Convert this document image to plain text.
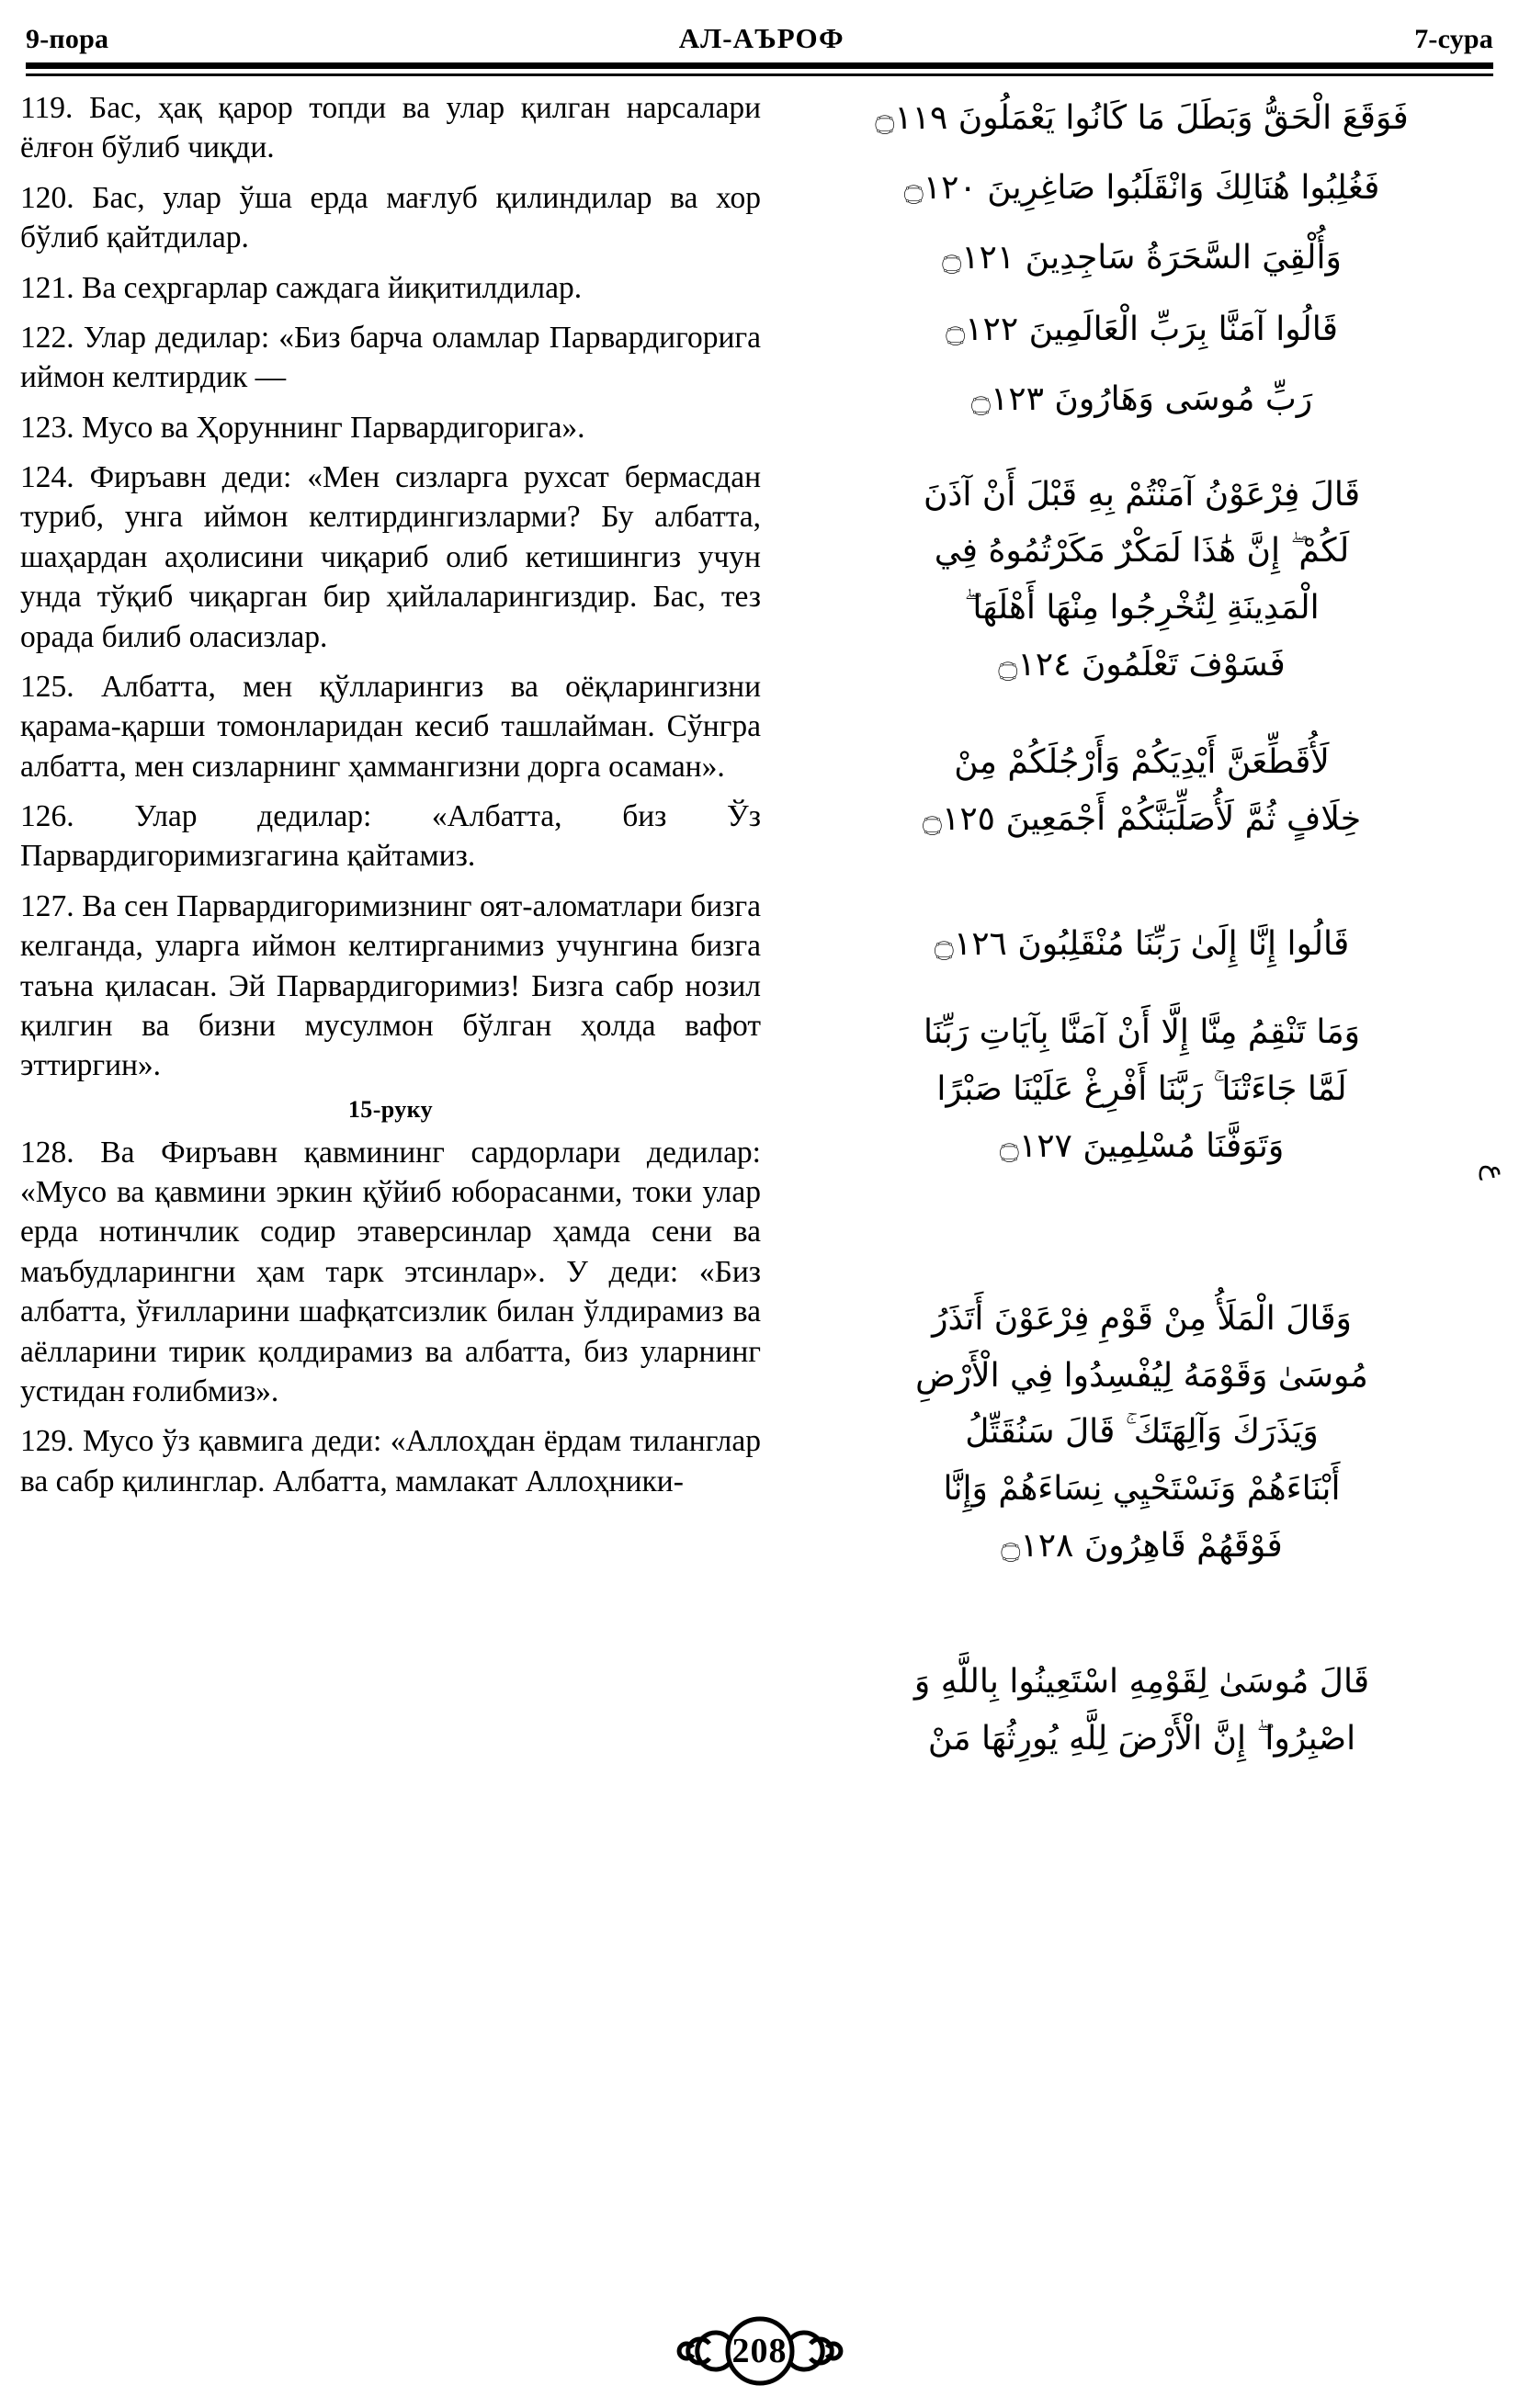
9-пора	АЛ-АЪРОФ	7-сура

119. Бас, ҳақ қарор топди ва улар қилган нарсалари ёлғон бўлиб чиқди.

120. Бас, улар ўша ерда мағлуб қилиндилар ва хор бўлиб қайтдилар.

121. Ва сеҳргарлар саждага йиқитилдилар.

122. Улар дедилар: «Биз барча оламлар Парвардигорига иймон келтирдик —

123. Мусо ва Ҳоруннинг Парвардигорига».

124. Фиръавн деди: «Мен сизларга рухсат бермасдан туриб, унга иймон келтирдингизларми? Бу албатта, шаҳардан аҳолисини чиқариб олиб кетишингиз учун унда тўқиб чиқарган бир ҳийлаларингиздир. Бас, тез орада билиб оласизлар.

125. Албатта, мен қўлларингиз ва оёқларингизни қарама-қарши томонларидан кесиб ташлайман. Сўнгра албатта, мен сизларнинг ҳаммангизни дорга осаман».

126. Улар дедилар: «Албатта, биз Ўз Парвардигоримизгагина қайтамиз.

127. Ва сен Парвардигоримизнинг оят-аломатлари бизга келганда, уларга иймон келтирганимиз учунгина бизга таъна қиласан. Эй Парвардигоримиз! Бизга сабр нозил қилгин ва бизни мусулмон бўлган ҳолда вафот эттиргин».

15-руку

128. Ва Фиръавн қавмининг сардорлари дедилар: «Мусо ва қавмини эркин қўйиб юборасанми, токи улар ерда нотинчлик содир этаверсинлар ҳамда сени ва маъбудларингни ҳам тарк этсинлар». У деди: «Биз албатта, ўғилларини шафқатсизлик билан ўлдирамиз ва аёлларини тирик қолдирамиз ва албатта, биз уларнинг устидан ғолибмиз».

129. Мусо ўз қавмига деди: «Аллоҳдан ёрдам тиланглар ва сабр қилинглар. Албатта, мамлакат Аллоҳники-

فَوَقَعَ الْحَقُّ وَبَطَلَ مَا كَانُوا يَعْمَلُونَ ۝١١٩
فَغُلِبُوا هُنَالِكَ وَانْقَلَبُوا صَاغِرِينَ ۝١٢٠
وَأُلْقِيَ السَّحَرَةُ سَاجِدِينَ ۝١٢١
قَالُوا آمَنَّا بِرَبِّ الْعَالَمِينَ ۝١٢٢
رَبِّ مُوسَى وَهَارُونَ ۝١٢٣
قَالَ فِرْعَوْنُ آمَنْتُمْ بِهِ قَبْلَ أَنْ آذَنَ
لَكُمْ ۖ إِنَّ هَٰذَا لَمَكْرٌ مَكَرْتُمُوهُ فِي
الْمَدِينَةِ لِتُخْرِجُوا مِنْهَا أَهْلَهَا ۖ
فَسَوْفَ تَعْلَمُونَ ۝١٢٤
لَأُقَطِّعَنَّ أَيْدِيَكُمْ وَأَرْجُلَكُمْ مِنْ
خِلَافٍ ثُمَّ لَأُصَلِّبَنَّكُمْ أَجْمَعِينَ ۝١٢٥
قَالُوا إِنَّا إِلَىٰ رَبِّنَا مُنْقَلِبُونَ ۝١٢٦
وَمَا تَنْقِمُ مِنَّا إِلَّا أَنْ آمَنَّا بِآيَاتِ رَبِّنَا
لَمَّا جَاءَتْنَا ۚ رَبَّنَا أَفْرِغْ عَلَيْنَا صَبْرًا
وَتَوَفَّنَا مُسْلِمِينَ ۝١٢٧
ع
وَقَالَ الْمَلَأُ مِنْ قَوْمِ فِرْعَوْنَ أَتَذَرُ
مُوسَىٰ وَقَوْمَهُ لِيُفْسِدُوا فِي الْأَرْضِ
وَيَذَرَكَ وَآلِهَتَكَ ۚ قَالَ سَنُقَتِّلُ
أَبْنَاءَهُمْ وَنَسْتَحْيِي نِسَاءَهُمْ وَإِنَّا
فَوْقَهُمْ قَاهِرُونَ ۝١٢٨
قَالَ مُوسَىٰ لِقَوْمِهِ اسْتَعِينُوا بِاللَّهِ وَ
اصْبِرُوا ۖ إِنَّ الْأَرْضَ لِلَّهِ يُورِثُهَا مَنْ
208
